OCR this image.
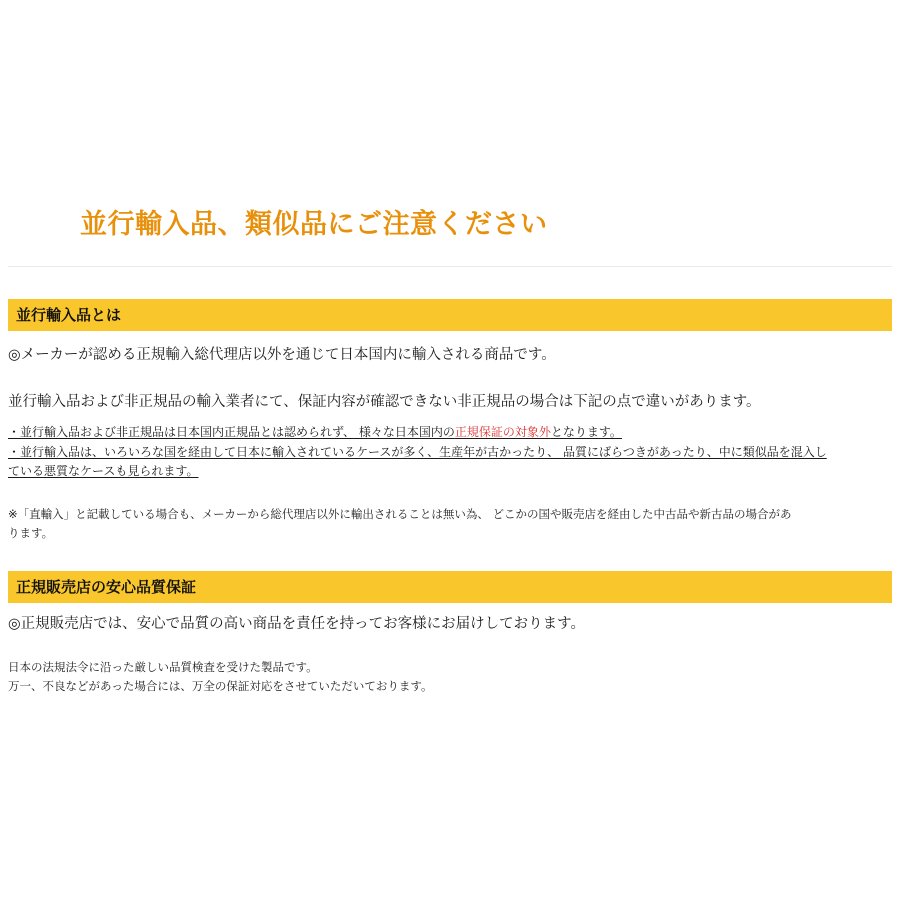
並行輸入品、類似品にご注意ください
並行輸入品とは
◎メーカーが認める正規輸入総代理店以外を通じて日本国内に輸入される商品です。
並行輸入品および非正規品の輸入業者にて、保証内容が確認できない非正規品の場合は下記の点で違いがあります。
・並行輸入品および非正規品は日本国内正規品とは認められず、 様々な日本国内の正規保証の対象外となります。
・並行輸入品は、いろいろな国を経由して日本に輸入されているケースが多く、生産年が古かったり、 品質にばらつきがあったり、中に類似品を混入し
ている悪質なケースも見られます。
※「直輸入」と記載している場合も、メーカーから総代理店以外に輸出されることは無い為、 どこかの国や販売店を経由した中古品や新古品の場合があ
ります。
正規販売店の安心品質保証
◎正規販売店では、安心で品質の高い商品を責任を持ってお客様にお届けしております。
日本の法規法令に沿った厳しい品質検査を受けた製品です。
万一、不良などがあった場合には、万全の保証対応をさせていただいております。
